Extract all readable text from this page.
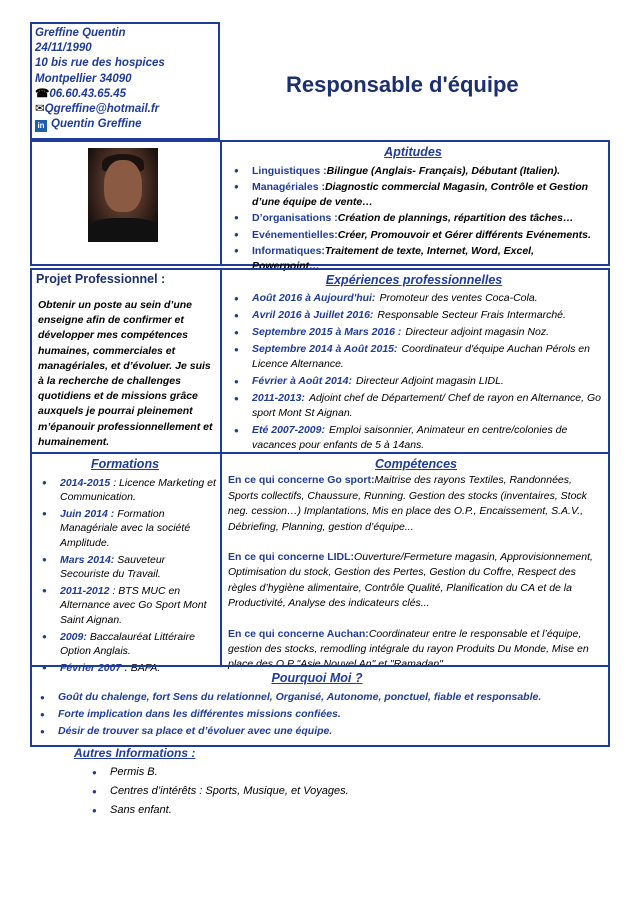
Greffine Quentin
24/11/1990
10 bis rue des hospices
Montpellier 34090
☎06.60.43.65.45
✉Qgreffine@hotmail.fr
in Quentin Greffine
Responsable d'équipe
Aptitudes
● Linguistiques :Bilingue (Anglais- Français), Débutant (Italien).
● Managériales :Diagnostic commercial Magasin, Contrôle et Gestion d’une équipe de vente…
● D’organisations :Création de plannings, répartition des tâches…
● Evénementielles:Créer, Promouvoir et Gérer différents Evénements.
● Informatiques:Traitement de texte, Internet, Word, Excel, Powerpoint…
Projet Professionnel :
Obtenir un poste au sein d’une enseigne afin de confirmer et développer mes compétences humaines, commerciales et managériales, et d’évoluer. Je suis à la recherche de challenges quotidiens et de missions grâce auxquels je pourrai pleinement m’épanouir professionnellement et humainement.
Expériences professionnelles
● Août 2016 à Aujourd'hui: Promoteur des ventes Coca-Cola.
● Avril 2016 à Juillet 2016: Responsable Secteur Frais Intermarché.
● Septembre 2015 à Mars 2016 : Directeur adjoint magasin Noz.
● Septembre 2014 à Août 2015: Coordinateur d'équipe Auchan Pérols en Licence Alternance.
● Février à Août 2014: Directeur Adjoint magasin LIDL.
● 2011-2013: Adjoint chef de Département/ Chef de rayon en Alternance, Go sport Mont St Aignan.
● Eté 2007-2009: Emploi saisonnier, Animateur en centre/colonies de vacances pour enfants de 5 à 14ans.
Formations
● 2014-2015 : Licence Marketing et Communication.
● Juin 2014 : Formation Managériale avec la société Amplitude.
● Mars 2014: Sauveteur Secouriste du Travail.
● 2011-2012 : BTS MUC en Alternance avec Go Sport Mont Saint Aignan.
● 2009: Baccalauréat Littéraire Option Anglais.
● Février 2007 : BAFA.
Compétences
En ce qui concerne Go sport:Maitrise des rayons Textiles, Randonnées, Sports collectifs, Chaussure, Running. Gestion des stocks (inventaires, Stock neg. cession…) Implantations, Mis en place des O.P., Encaissement, S.A.V., Débriefing, Planning, gestion d’équipe...
En ce qui concerne LIDL:Ouverture/Fermeture magasin, Approvisionnement, Optimisation du stock, Gestion des Pertes, Gestion du Coffre, Respect des règles d’hygiène alimentaire, Contrôle Qualité, Planification du CA et de la Productivité, Analyse des indicateurs clés...
En ce qui concerne Auchan:Coordinateur entre le responsable et l’équipe, gestion des stocks, remodling intégrale du rayon Produits Du Monde, Mise en place des O.P "Asie Nouvel An" et "Ramadan"…
Pourquoi Moi ?
● Goût du chalenge, fort Sens du relationnel, Organisé, Autonome, ponctuel, fiable et responsable.
● Forte implication dans les différentes missions confiées.
● Désir de trouver sa place et d’évoluer avec une équipe.
Autres Informations :
● Permis B.
● Centres d’intérêts : Sports, Musique, et Voyages.
● Sans enfant.
